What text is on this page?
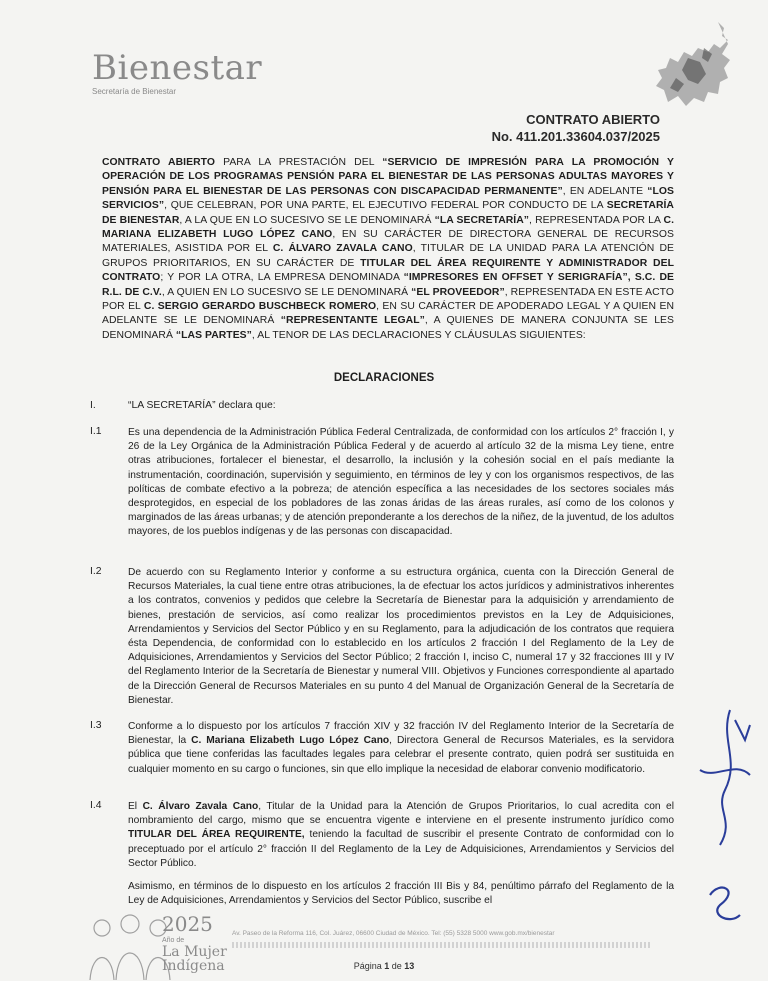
Bienestar
Secretaría de Bienestar
CONTRATO ABIERTO
No. 411.201.33604.037/2025
CONTRATO ABIERTO PARA LA PRESTACIÓN DEL “SERVICIO DE IMPRESIÓN PARA LA PROMOCIÓN Y OPERACIÓN DE LOS PROGRAMAS PENSIÓN PARA EL BIENESTAR DE LAS PERSONAS ADULTAS MAYORES Y PENSIÓN PARA EL BIENESTAR DE LAS PERSONAS CON DISCAPACIDAD PERMANENTE”, EN ADELANTE “LOS SERVICIOS”, QUE CELEBRAN, POR UNA PARTE, EL EJECUTIVO FEDERAL POR CONDUCTO DE LA SECRETARÍA DE BIENESTAR, A LA QUE EN LO SUCESIVO SE LE DENOMINARÁ “LA SECRETARÍA”, REPRESENTADA POR LA C. MARIANA ELIZABETH LUGO LÓPEZ CANO, EN SU CARÁCTER DE DIRECTORA GENERAL DE RECURSOS MATERIALES, ASISTIDA POR EL C. ÁLVARO ZAVALA CANO, TITULAR DE LA UNIDAD PARA LA ATENCIÓN DE GRUPOS PRIORITARIOS, EN SU CARÁCTER DE TITULAR DEL ÁREA REQUIRENTE Y ADMINISTRADOR DEL CONTRATO; Y POR LA OTRA, LA EMPRESA DENOMINADA “IMPRESORES EN OFFSET Y SERIGRAFÍA”, S.C. DE R.L. DE C.V., A QUIEN EN LO SUCESIVO SE LE DENOMINARÁ “EL PROVEEDOR”, REPRESENTADA EN ESTE ACTO POR EL C. SERGIO GERARDO BUSCHBECK ROMERO, EN SU CARÁCTER DE APODERADO LEGAL Y A QUIEN EN ADELANTE SE LE DENOMINARÁ “REPRESENTANTE LEGAL”, A QUIENES DE MANERA CONJUNTA SE LES DENOMINARÁ “LAS PARTES”, AL TENOR DE LAS DECLARACIONES Y CLÁUSULAS SIGUIENTES:
DECLARACIONES
I.	“LA SECRETARÍA” declara que:
I.1	Es una dependencia de la Administración Pública Federal Centralizada, de conformidad con los artículos 2° fracción I, y 26 de la Ley Orgánica de la Administración Pública Federal y de acuerdo al artículo 32 de la misma Ley tiene, entre otras atribuciones, fortalecer el bienestar, el desarrollo, la inclusión y la cohesión social en el país mediante la instrumentación, coordinación, supervisión y seguimiento, en términos de ley y con los organismos respectivos, de las políticas de combate efectivo a la pobreza; de atención específica a las necesidades de los sectores sociales más desprotegidos, en especial de los pobladores de las zonas áridas de las áreas rurales, así como de los colonos y marginados de las áreas urbanas; y de atención preponderante a los derechos de la niñez, de la juventud, de los adultos mayores, de los pueblos indígenas y de las personas con discapacidad.
I.2	De acuerdo con su Reglamento Interior y conforme a su estructura orgánica, cuenta con la Dirección General de Recursos Materiales, la cual tiene entre otras atribuciones, la de efectuar los actos jurídicos y administrativos inherentes a los contratos, convenios y pedidos que celebre la Secretaría de Bienestar para la adquisición y arrendamiento de bienes, prestación de servicios, así como realizar los procedimientos previstos en la Ley de Adquisiciones, Arrendamientos y Servicios del Sector Público y en su Reglamento, para la adjudicación de los contratos que requiera ésta Dependencia, de conformidad con lo establecido en los artículos 2 fracción I del Reglamento de la Ley de Adquisiciones, Arrendamientos y Servicios del Sector Público; 2 fracción I, inciso C, numeral 17 y 32 fracciones III y IV del Reglamento Interior de la Secretaría de Bienestar y numeral VIII. Objetivos y Funciones correspondiente al apartado de la Dirección General de Recursos Materiales en su punto 4 del Manual de Organización General de la Secretaría de Bienestar.
I.3	Conforme a lo dispuesto por los artículos 7 fracción XIV y 32 fracción IV del Reglamento Interior de la Secretaría de Bienestar, la C. Mariana Elizabeth Lugo López Cano, Directora General de Recursos Materiales, es la servidora pública que tiene conferidas las facultades legales para celebrar el presente contrato, quien podrá ser sustituida en cualquier momento en su cargo o funciones, sin que ello implique la necesidad de elaborar convenio modificatorio.
I.4	El C. Álvaro Zavala Cano, Titular de la Unidad para la Atención de Grupos Prioritarios, lo cual acredita con el nombramiento del cargo, mismo que se encuentra vigente e interviene en el presente instrumento jurídico como TITULAR DEL ÁREA REQUIRENTE, teniendo la facultad de suscribir el presente Contrato de conformidad con lo preceptuado por el artículo 2° fracción II del Reglamento de la Ley de Adquisiciones, Arrendamientos y Servicios del Sector Público.
Asimismo, en términos de lo dispuesto en los artículos 2 fracción III Bis y 84, penúltimo párrafo del Reglamento de la Ley de Adquisiciones, Arrendamientos y Servicios del Sector Público, suscribe el
2025
Año de
La Mujer
Indígena
Av. Paseo de la Reforma 116, Col. Juárez, 06600 Ciudad de México. Tel: (55) 5328 5000 www.gob.mx/bienestar
Página 1 de 13
